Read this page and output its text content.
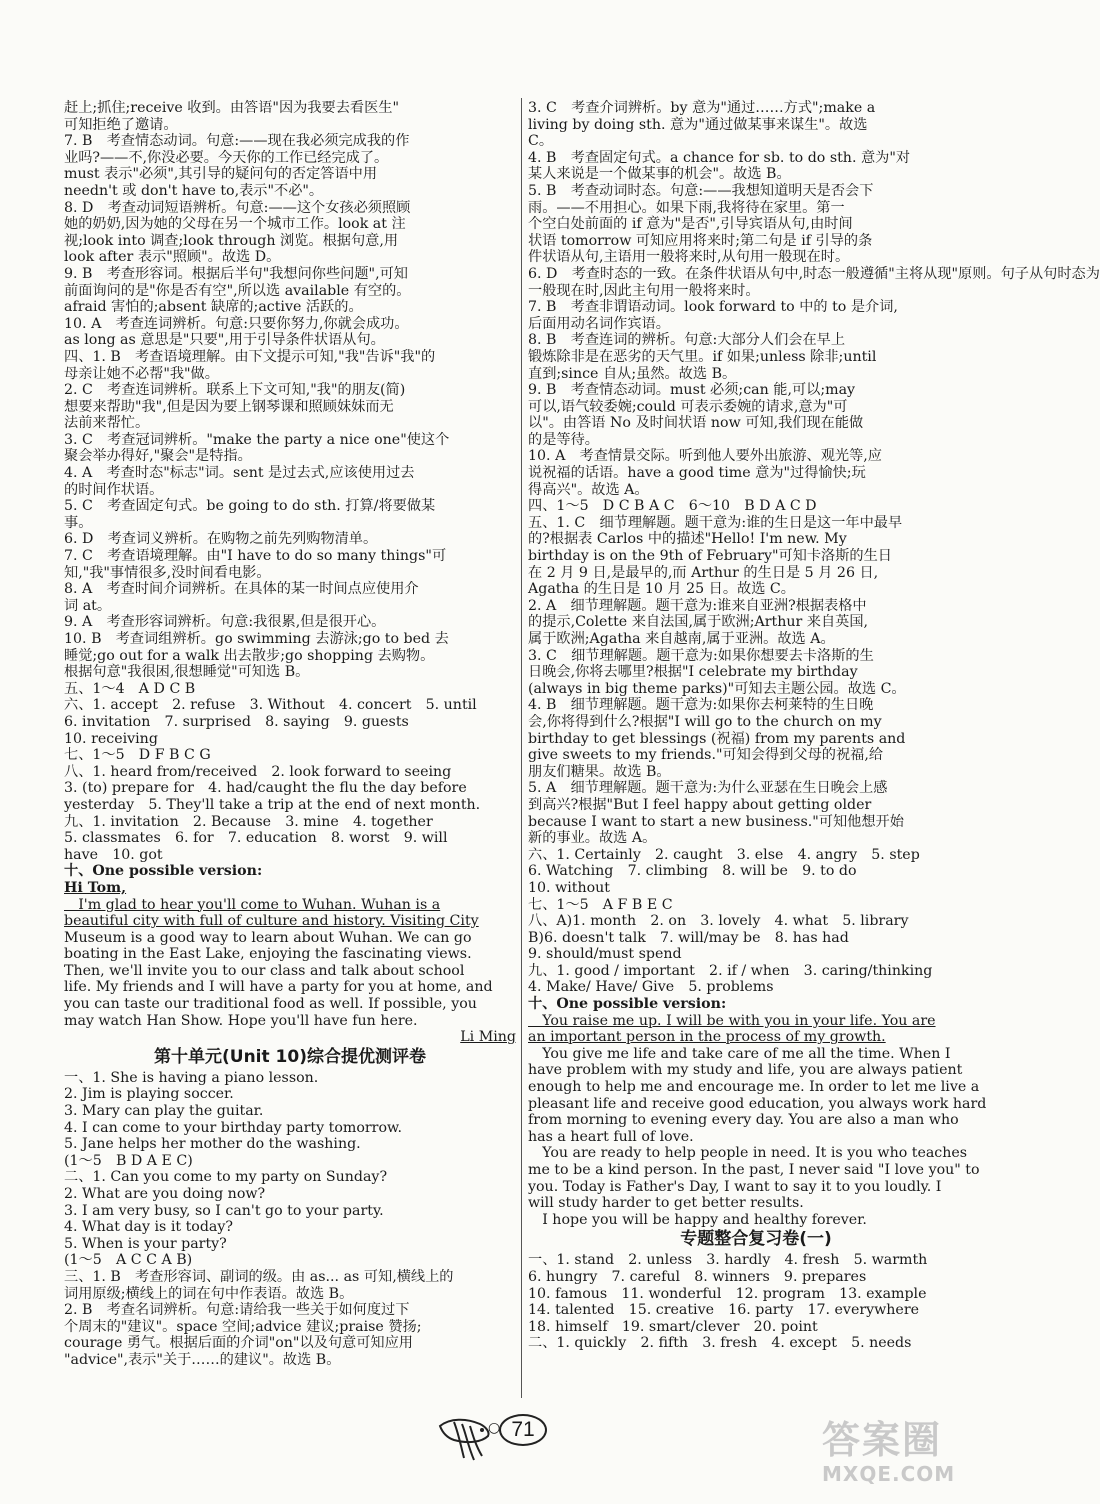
赶上;抓住;receive 收到。由答语"因为我要去看医生"
可知拒绝了邀请。
7. B　考查情态动词。句意:——现在我必须完成我的作
业吗?——不,你没必要。今天你的工作已经完成了。
must 表示"必须",其引导的疑问句的否定答语中用
needn't 或 don't have to,表示"不必"。
8. D　考查动词短语辨析。句意:——这个女孩必须照顾
她的奶奶,因为她的父母在另一个城市工作。look at 注
视;look into 调查;look through 浏览。根据句意,用
look after 表示"照顾"。故选 D。
9. B　考查形容词。根据后半句"我想问你些问题",可知
前面询问的是"你是否有空",所以选 available 有空的。
afraid 害怕的;absent 缺席的;active 活跃的。
10. A　考查连词辨析。句意:只要你努力,你就会成功。
as long as 意思是"只要",用于引导条件状语从句。
四、1. B　考查语境理解。由下文提示可知,"我"告诉"我"的
母亲让她不必帮"我"做。
2. C　考查连词辨析。联系上下文可知,"我"的朋友(简)
想要来帮助"我",但是因为要上钢琴课和照顾妹妹而无
法前来帮忙。
3. C　考查冠词辨析。"make the party a nice one"使这个
聚会举办得好,"聚会"是特指。
4. A　考查时态"标志"词。sent 是过去式,应该使用过去
的时间作状语。
5. C　考查固定句式。be going to do sth. 打算/将要做某
事。
6. D　考查词义辨析。在购物之前先列购物清单。
7. C　考查语境理解。由"I have to do so many things"可
知,"我"事情很多,没时间看电影。
8. A　考查时间介词辨析。在具体的某一时间点应使用介
词 at。
9. A　考查形容词辨析。句意:我很累,但是很开心。
10. B　考查词组辨析。go swimming 去游泳;go to bed 去
睡觉;go out for a walk 出去散步;go shopping 去购物。
根据句意"我很困,很想睡觉"可知选 B。
五、1～4　A D C B
六、1. accept　2. refuse　3. Without　4. concert　5. until
6. invitation　7. surprised　8. saying　9. guests
10. receiving
七、1～5　D F B C G
八、1. heard from/received　2. look forward to seeing
3. (to) prepare for　4. had/caught the flu the day before
yesterday　5. They'll take a trip at the end of next month.
九、1. invitation　2. Because　3. mine　4. together
5. classmates　6. for　7. education　8. worst　9. will
have　10. got
十、One possible version:
Hi Tom,
　I'm glad to hear you'll come to Wuhan. Wuhan is a
beautiful city with full of culture and history. Visiting City
Museum is a good way to learn about Wuhan. We can go
boating in the East Lake, enjoying the fascinating views.
Then, we'll invite you to our class and talk about school
life. My friends and I will have a party for you at home, and
you can taste our traditional food as well. If possible, you
may watch Han Show. Hope you'll have fun here.
Li Ming
第十单元(Unit 10)综合提优测评卷
一、1. She is having a piano lesson.
2. Jim is playing soccer.
3. Mary can play the guitar.
4. I can come to your birthday party tomorrow.
5. Jane helps her mother do the washing.
(1～5　B D A E C)
二、1. Can you come to my party on Sunday?
2. What are you doing now?
3. I am very busy, so I can't go to your party.
4. What day is it today?
5. When is your party?
(1～5　A C C A B)
三、1. B　考查形容词、副词的级。由 as... as 可知,横线上的
词用原级;横线上的词在句中作表语。故选 B。
2. B　考查名词辨析。句意:请给我一些关于如何度过下
个周末的"建议"。space 空间;advice 建议;praise 赞扬;
courage 勇气。根据后面的介词"on"以及句意可知应用
"advice",表示"关于……的建议"。故选 B。
3. C　考查介词辨析。by 意为"通过……方式";make a
living by doing sth. 意为"通过做某事来谋生"。故选
C。
4. B　考查固定句式。a chance for sb. to do sth. 意为"对
某人来说是一个做某事的机会"。故选 B。
5. B　考查动词时态。句意:——我想知道明天是否会下
雨。——不用担心。如果下雨,我将待在家里。第一
个空白处前面的 if 意为"是否",引导宾语从句,由时间
状语 tomorrow 可知应用将来时;第二句是 if 引导的条
件状语从句,主语用一般将来时,从句用一般现在时。
6. D　考查时态的一致。在条件状语从句中,时态一般遵循"主将从现"原则。句子从句时态为
一般现在时,因此主句用一般将来时。
7. B　考查非谓语动词。look forward to 中的 to 是介词,
后面用动名词作宾语。
8. B　考查连词的辨析。句意:大部分人们会在早上
锻炼除非是在恶劣的天气里。if 如果;unless 除非;until
直到;since 自从;虽然。故选 B。
9. B　考查情态动词。must 必须;can 能,可以;may
可以,语气较委婉;could 可表示委婉的请求,意为"可
以"。由答语 No 及时间状语 now 可知,我们现在能做
的是等待。
10. A　考查情景交际。听到他人要外出旅游、观光等,应
说祝福的话语。have a good time 意为"过得愉快;玩
得高兴"。故选 A。
四、1～5　D C B A C　6～10　B D A C D
五、1. C　细节理解题。题干意为:谁的生日是这一年中最早
的?根据表 Carlos 中的描述"Hello! I'm new. My
birthday is on the 9th of February"可知卡洛斯的生日
在 2 月 9 日,是最早的,而 Arthur 的生日是 5 月 26 日,
Agatha 的生日是 10 月 25 日。故选 C。
2. A　细节理解题。题干意为:谁来自亚洲?根据表格中
的提示,Colette 来自法国,属于欧洲;Arthur 来自英国,
属于欧洲;Agatha 来自越南,属于亚洲。故选 A。
3. C　细节理解题。题干意为:如果你想要去卡洛斯的生
日晚会,你将去哪里?根据"I celebrate my birthday
(always in big theme parks)"可知去主题公园。故选 C。
4. B　细节理解题。题干意为:如果你去柯莱特的生日晚
会,你将得到什么?根据"I will go to the church on my
birthday to get blessings (祝福) from my parents and
give sweets to my friends."可知会得到父母的祝福,给
朋友们糖果。故选 B。
5. A　细节理解题。题干意为:为什么亚瑟在生日晚会上感
到高兴?根据"But I feel happy about getting older
because I want to start a new business."可知他想开始
新的事业。故选 A。
六、1. Certainly　2. caught　3. else　4. angry　5. step
6. Watching　7. climbing　8. will be　9. to do
10. without
七、1～5　A F B E C
八、A)1. month　2. on　3. lovely　4. what　5. library
B)6. doesn't talk　7. will/may be　8. has had
9. should/must spend
九、1. good / important　2. if / when　3. caring/thinking
4. Make/ Have/ Give　5. problems
十、One possible version:
　You raise me up. I will be with you in your life. You are
an important person in the process of my growth.
　You give me life and take care of me all the time. When I
have problem with my study and life, you are always patient
enough to help me and encourage me. In order to let me live a
pleasant life and receive good education, you always work hard
from morning to evening every day. You are also a man who
has a heart full of love.
　You are ready to help people in need. It is you who teaches
me to be a kind person. In the past, I never said "I love you" to
you. Today is Father's Day, I want to say it to you loudly. I
will study harder to get better results.
　I hope you will be happy and healthy forever.
专题整合复习卷(一)
一、1. stand　2. unless　3. hardly　4. fresh　5. warmth
6. hungry　7. careful　8. winners　9. prepares
10. famous　11. wonderful　12. program　13. example
14. talented　15. creative　16. party　17. everywhere
18. himself　19. smart/clever　20. point
二、1. quickly　2. fifth　3. fresh　4. except　5. needs
○ 71	答案圈
MXQE.COM
